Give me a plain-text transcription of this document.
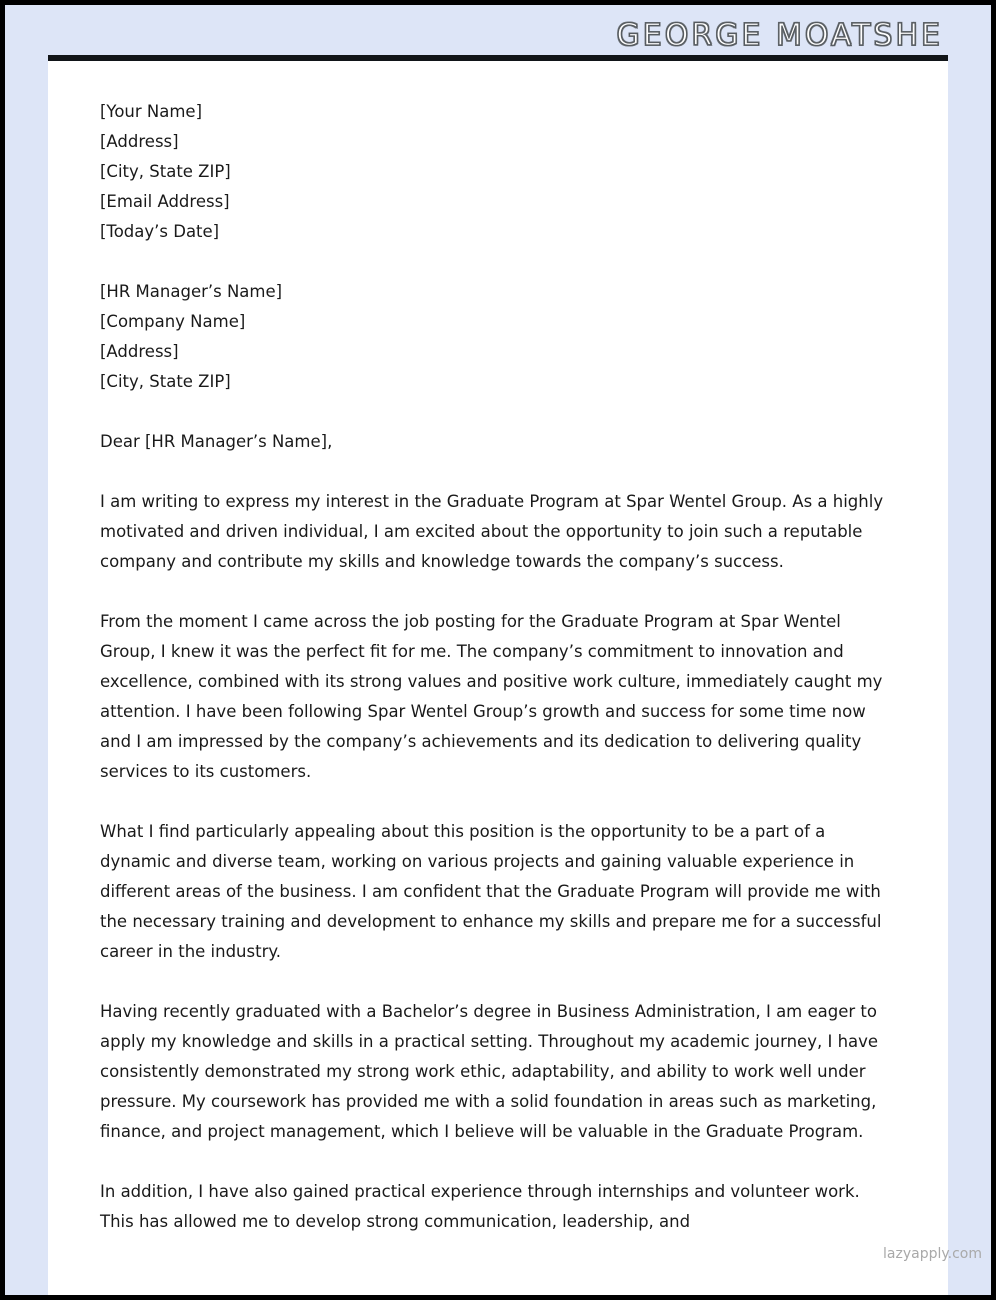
GEORGE MOATSHE
[Your Name]
[Address]
[City, State ZIP]
[Email Address]
[Today’s Date]
[HR Manager’s Name]
[Company Name]
[Address]
[City, State ZIP]
Dear [HR Manager’s Name],

I am writing to express my interest in the Graduate Program at Spar Wentel Group. As a highly motivated and driven individual, I am excited about the opportunity to join such a reputable company and contribute my skills and knowledge towards the company’s success.

From the moment I came across the job posting for the Graduate Program at Spar Wentel Group, I knew it was the perfect fit for me. The company’s commitment to innovation and excellence, combined with its strong values and positive work culture, immediately caught my attention. I have been following Spar Wentel Group’s growth and success for some time now and I am impressed by the company’s achievements and its dedication to delivering quality services to its customers.

What I find particularly appealing about this position is the opportunity to be a part of a dynamic and diverse team, working on various projects and gaining valuable experience in different areas of the business. I am confident that the Graduate Program will provide me with the necessary training and development to enhance my skills and prepare me for a successful career in the industry.

Having recently graduated with a Bachelor’s degree in Business Administration, I am eager to apply my knowledge and skills in a practical setting. Throughout my academic journey, I have consistently demonstrated my strong work ethic, adaptability, and ability to work well under pressure. My coursework has provided me with a solid foundation in areas such as marketing, finance, and project management, which I believe will be valuable in the Graduate Program.

In addition, I have also gained practical experience through internships and volunteer work. This has allowed me to develop strong communication, leadership, and

lazyapply.com
